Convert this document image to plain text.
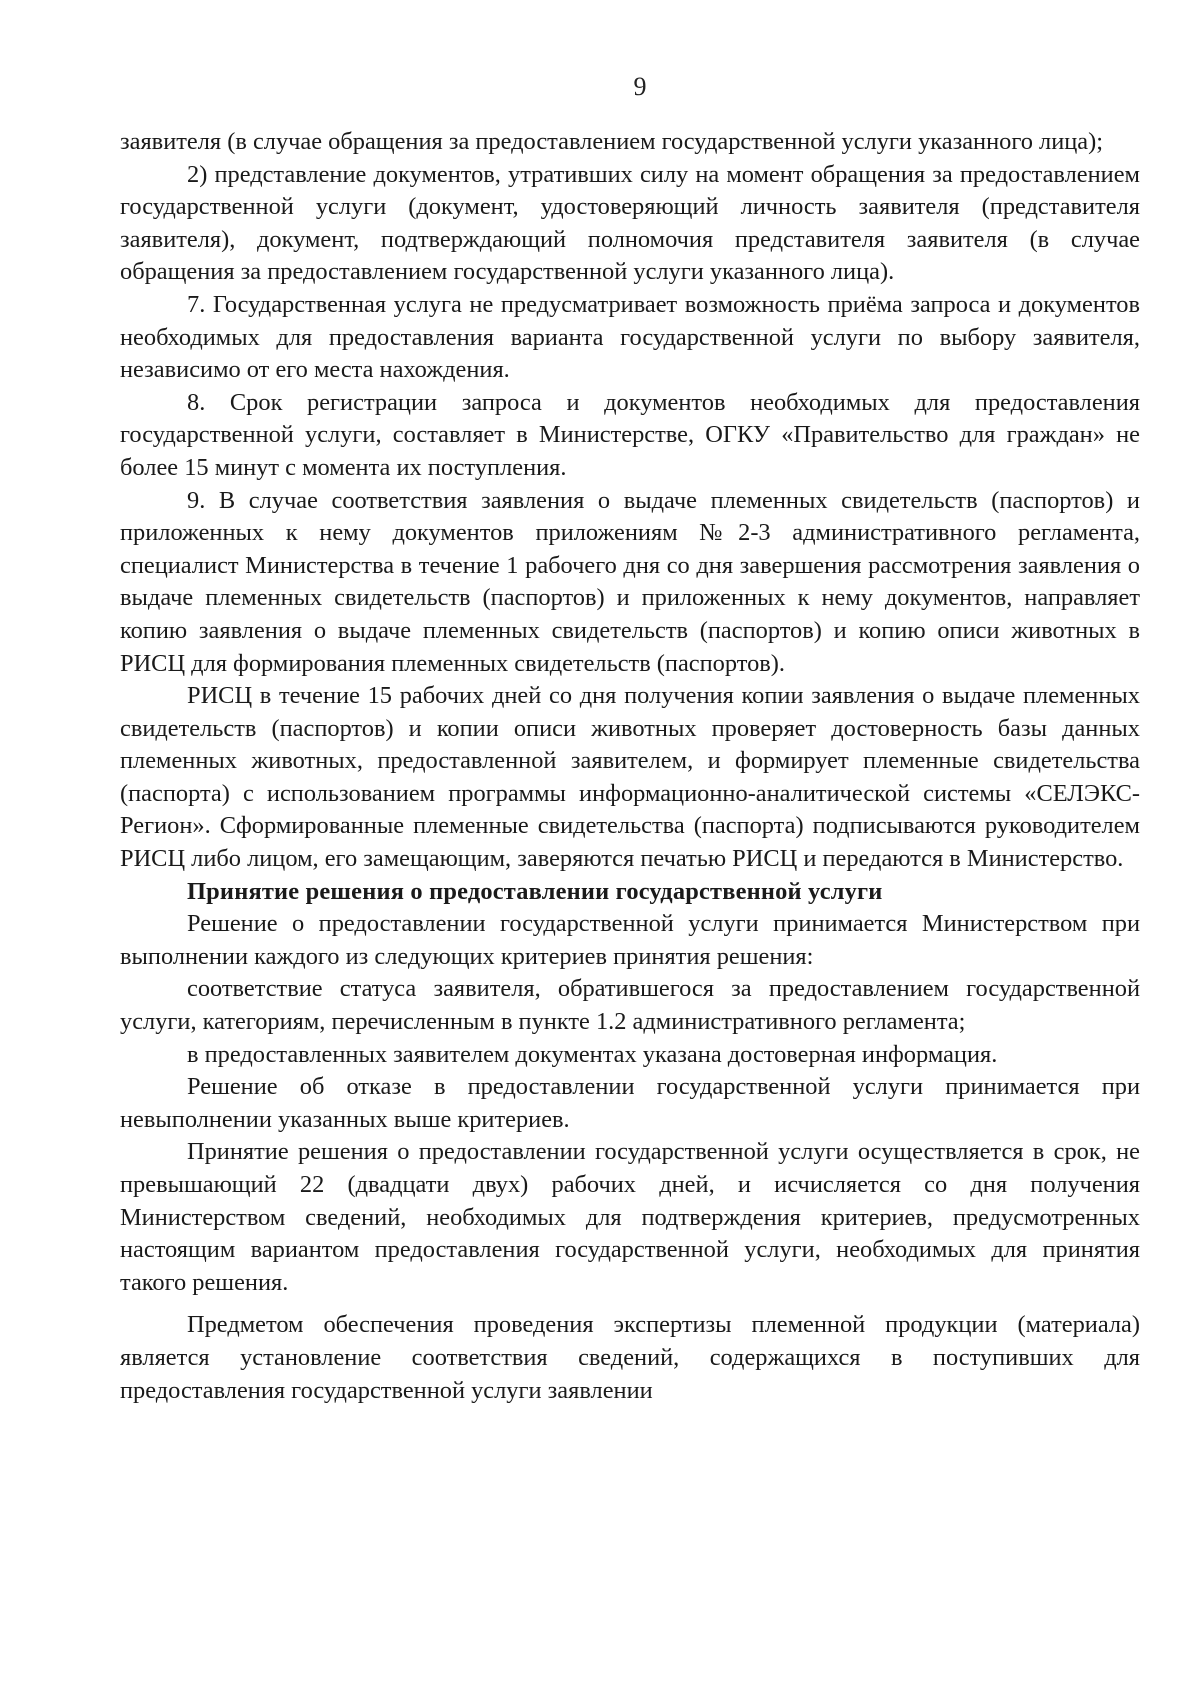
9

заявителя (в случае обращения за предоставлением государственной услуги указанного лица);

2) представление документов, утративших силу на момент обращения за предоставлением государственной услуги (документ, удостоверяющий личность заявителя (представителя заявителя), документ, подтверждающий полномочия представителя заявителя (в случае обращения за предоставлением государственной услуги указанного лица).

7. Государственная услуга не предусматривает возможность приёма запроса и документов необходимых для предоставления варианта государственной услуги по выбору заявителя, независимо от его места нахождения.

8. Срок регистрации запроса и документов необходимых для предоставления государственной услуги, составляет в Министерстве, ОГКУ «Правительство для граждан» не более 15 минут с момента их поступления.

9. В случае соответствия заявления о выдаче племенных свидетельств (паспортов) и приложенных к нему документов приложениям №2-3 административного регламента, специалист Министерства в течение 1 рабочего дня со дня завершения рассмотрения заявления о выдаче племенных свидетельств (паспортов) и приложенных к нему документов, направляет копию заявления о выдаче племенных свидетельств (паспортов) и копию описи животных в РИСЦ для формирования племенных свидетельств (паспортов).

РИСЦ в течение 15 рабочих дней со дня получения копии заявления о выдаче племенных свидетельств (паспортов) и копии описи животных проверяет достоверность базы данных племенных животных, предоставленной заявителем, и формирует племенные свидетельства (паспорта) с использованием программы информационно-аналитической системы «СЕЛЭКС-Регион». Сформированные племенные свидетельства (паспорта) подписываются руководителем РИСЦ либо лицом, его замещающим, заверяются печатью РИСЦ и передаются в Министерство.

Принятие решения о предоставлении государственной услуги

Решение о предоставлении государственной услуги принимается Министерством при выполнении каждого из следующих критериев принятия решения:

соответствие статуса заявителя, обратившегося за предоставлением государственной услуги, категориям, перечисленным в пункте 1.2 административного регламента;

в предоставленных заявителем документах указана достоверная информация.

Решение об отказе в предоставлении государственной услуги принимается при невыполнении указанных выше критериев.

Принятие решения о предоставлении государственной услуги осуществляется в срок, не превышающий 22 (двадцати двух) рабочих дней, и исчисляется со дня получения Министерством сведений, необходимых для подтверждения критериев, предусмотренных настоящим вариантом предоставления государственной услуги, необходимых для принятия такого решения.

Предметом обеспечения проведения экспертизы племенной продукции (материала) является установление соответствия сведений, содержащихся в поступивших для предоставления государственной услуги заявлении
